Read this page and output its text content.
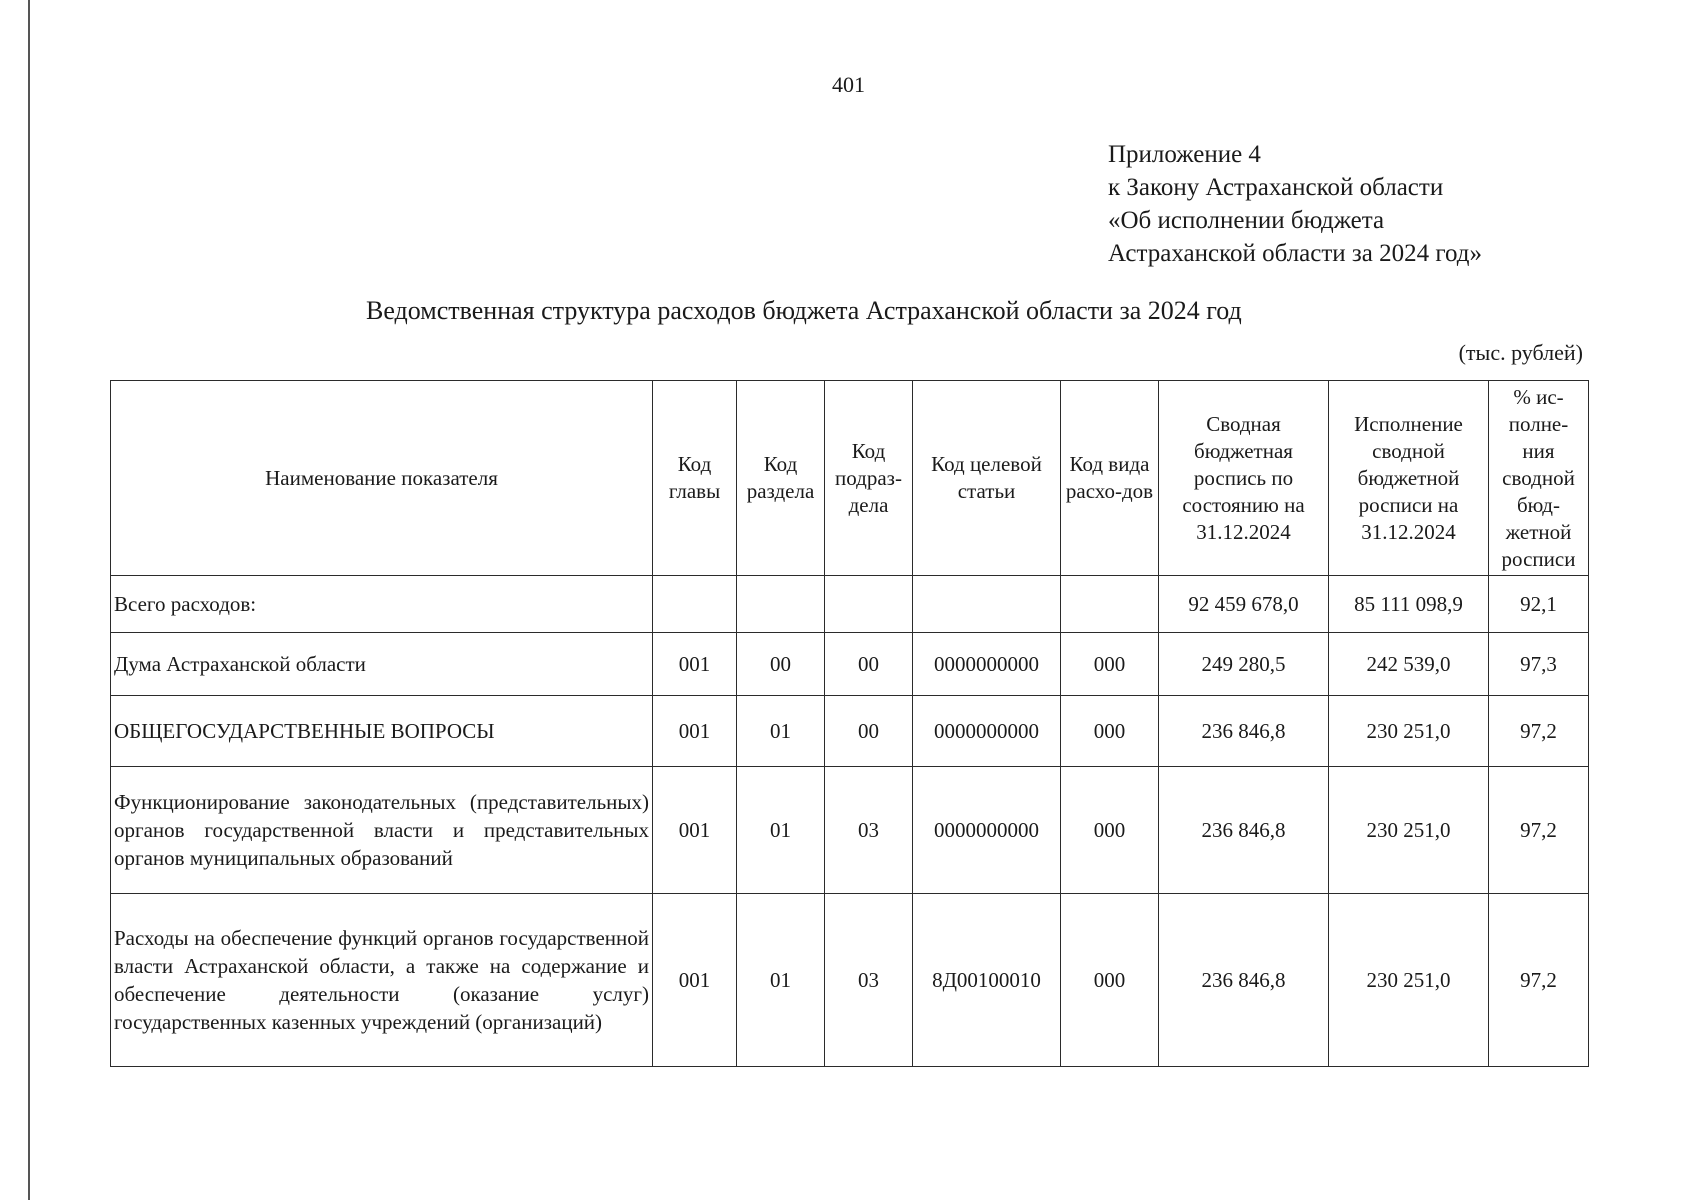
401
Приложение 4
к Закону Астраханской области
«Об исполнении бюджета
Астраханской области за 2024 год»
Ведомственная структура расходов бюджета Астраханской области за 2024 год
(тыс. рублей)
Наименование показателя	Код главы	Код раздела	Код подраз-дела	Код целевой статьи	Код вида расхо-дов	Сводная бюджетная роспись по состоянию на 31.12.2024	Исполнение сводной бюджетной росписи на 31.12.2024	% ис-полне-ния сводной бюд-жетной росписи
Всего расходов:						92 459 678,0	85 111 098,9	92,1
Дума Астраханской области	001	00	00	0000000000	000	249 280,5	242 539,0	97,3
ОБЩЕГОСУДАРСТВЕННЫЕ ВОПРОСЫ	001	01	00	0000000000	000	236 846,8	230 251,0	97,2
Функционирование законодательных (представительных) органов государственной власти и представительных органов муниципальных образований	001	01	03	0000000000	000	236 846,8	230 251,0	97,2
Расходы на обеспечение функций органов государственной власти Астраханской области, а также на содержание и обеспечение деятельности (оказание услуг) государственных казенных учреждений (организаций)	001	01	03	8Д00100010	000	236 846,8	230 251,0	97,2
